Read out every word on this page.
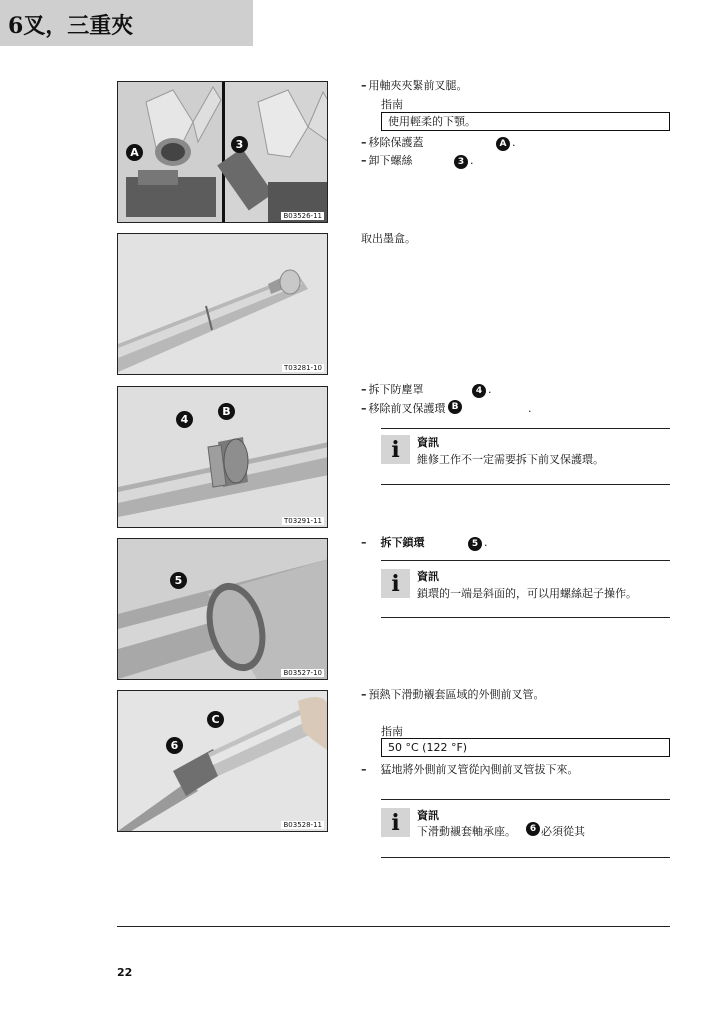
6叉，三重夾
A
3
B03526-11
T03281-10
4
B
T03291-11
5
B03527-10
C
6
B03528-11
– 用軸夾夾緊前叉腿。
指南
使用輕柔的下顎。
– 移除保護蓋	A .
– 卸下螺絲	3 .
取出墨盒。
– 拆下防塵罩	4 .
– 移除前叉保護環 B	.
i	資訊
維修工作不一定需要拆下前叉保護環。
– 拆下鎖環	5 .
i	資訊
鎖環的一端是斜面的，可以用螺絲起子操作。
– 預熱下滑動襯套區域的外側前叉管。
指南
50 °C (122 °F)
– 猛地將外側前叉管從內側前叉管拔下來。
i	資訊
下滑動襯套軸承座。	6 必須從其
22
